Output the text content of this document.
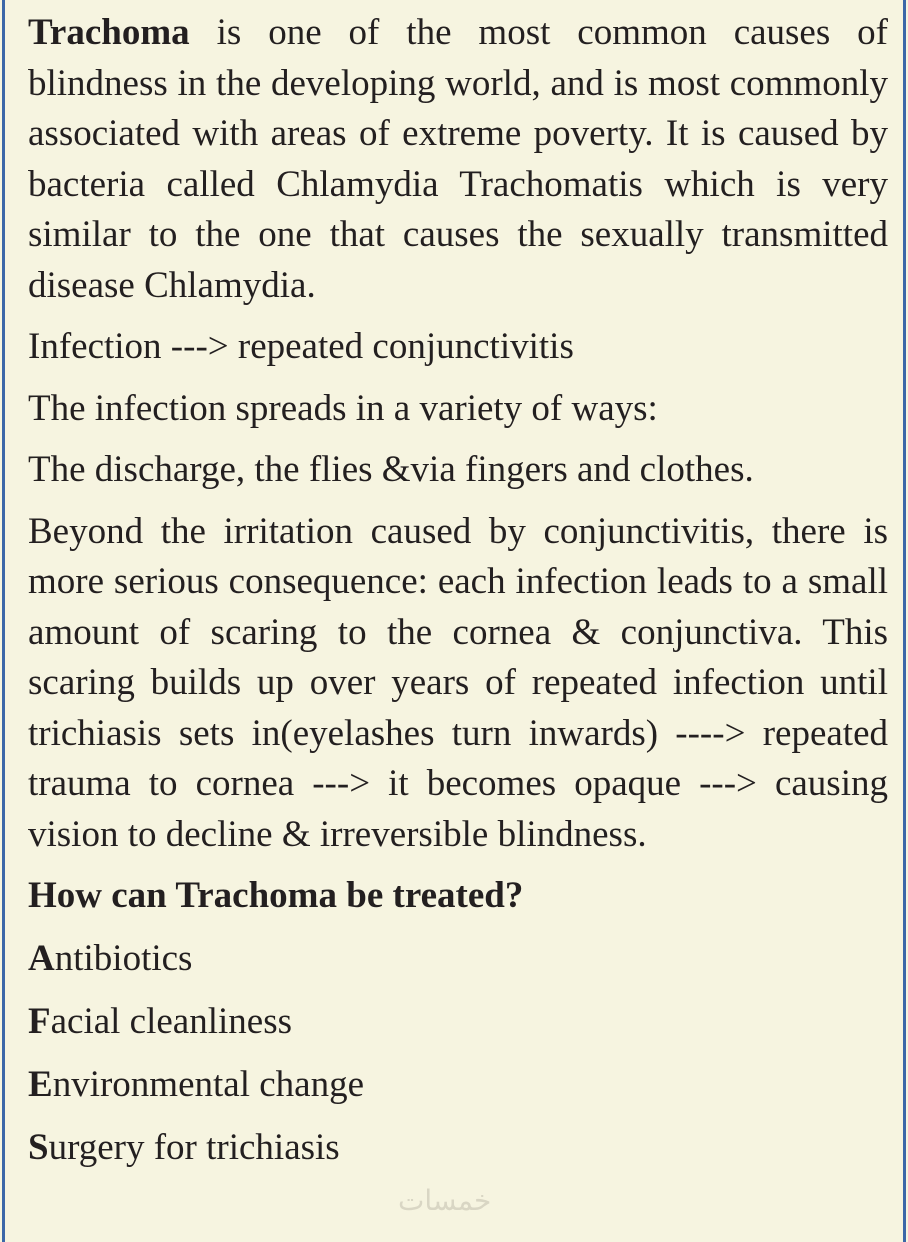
Trachoma is one of the most common causes of blindness in the developing world, and is most commonly associated with areas of extreme poverty. It is caused by bacteria called Chlamydia Trachomatis which is very similar to the one that causes the sexually transmitted disease Chlamydia.

Infection ---> repeated conjunctivitis

The infection spreads in a variety of ways:

The discharge, the flies &via fingers and clothes.

Beyond the irritation caused by conjunctivitis, there is more serious consequence: each infection leads to a small amount of scaring to the cornea & conjunctiva. This scaring builds up over years of repeated infection until trichiasis sets in(eyelashes turn inwards) ----> repeated trauma to cornea ---> it becomes opaque ---> causing vision to decline & irreversible blindness.

How can Trachoma be treated?

Antibiotics
Facial cleanliness
Environmental change
Surgery for trichiasis
خمسات
